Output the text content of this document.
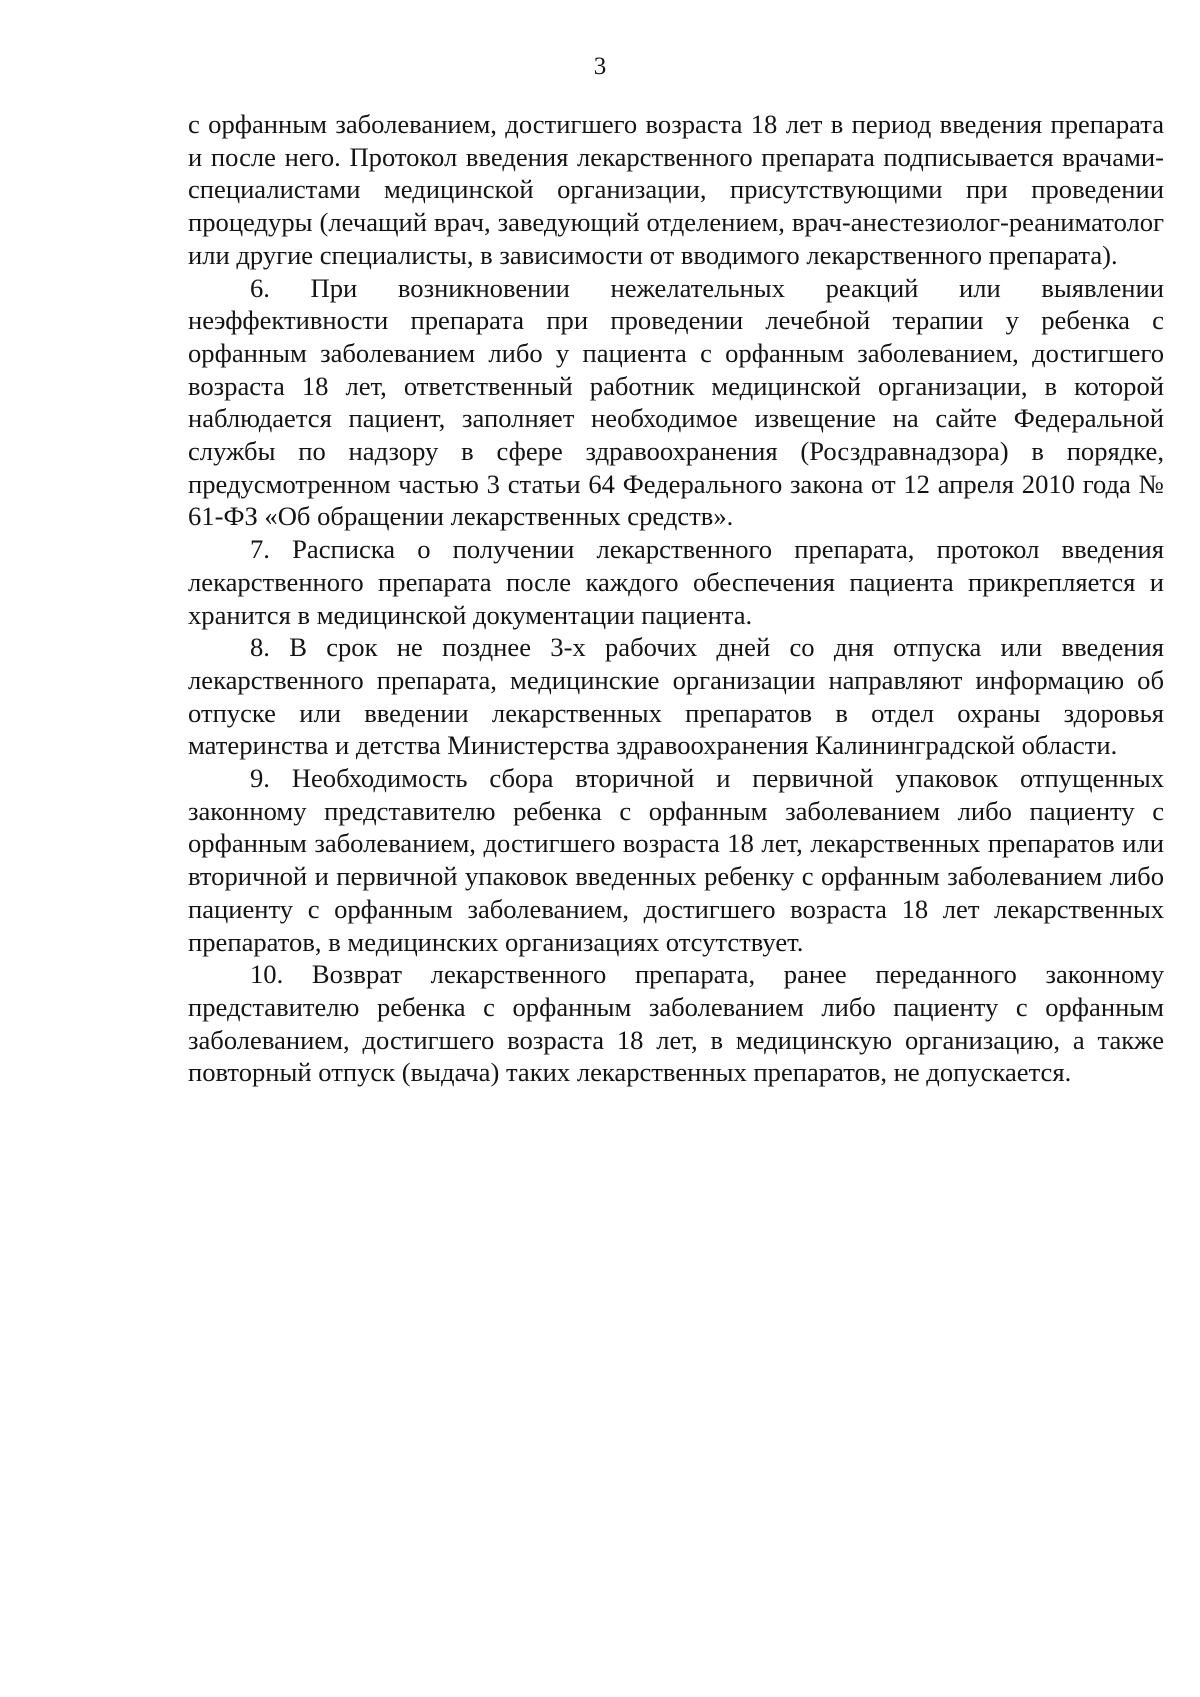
3

с орфанным заболеванием, достигшего возраста 18 лет в период введения препарата и после него. Протокол введения лекарственного препарата подписывается врачами-специалистами медицинской организации, присутствующими при проведении процедуры (лечащий врач, заведующий отделением, врач-анестезиолог-реаниматолог или другие специалисты, в зависимости от вводимого лекарственного препарата).

6. При возникновении нежелательных реакций или выявлении неэффективности препарата при проведении лечебной терапии у ребенка с орфанным заболеванием либо у пациента с орфанным заболеванием, достигшего возраста 18 лет, ответственный работник медицинской организации, в которой наблюдается пациент, заполняет необходимое извещение на сайте Федеральной службы по надзору в сфере здравоохранения (Росздравнадзора) в порядке, предусмотренном частью 3 статьи 64 Федерального закона от 12 апреля 2010 года № 61-ФЗ «Об обращении лекарственных средств».

7. Расписка о получении лекарственного препарата, протокол введения лекарственного препарата после каждого обеспечения пациента прикрепляется и хранится в медицинской документации пациента.

8. В срок не позднее 3-х рабочих дней со дня отпуска или введения лекарственного препарата, медицинские организации направляют информацию об отпуске или введении лекарственных препаратов в отдел охраны здоровья материнства и детства Министерства здравоохранения Калининградской области.

9. Необходимость сбора вторичной и первичной упаковок отпущенных законному представителю ребенка с орфанным заболеванием либо пациенту с орфанным заболеванием, достигшего возраста 18 лет, лекарственных препаратов или вторичной и первичной упаковок введенных ребенку с орфанным заболеванием либо пациенту с орфанным заболеванием, достигшего возраста 18 лет лекарственных препаратов, в медицинских организациях отсутствует.

10. Возврат лекарственного препарата, ранее переданного законному представителю ребенка с орфанным заболеванием либо пациенту с орфанным заболеванием, достигшего возраста 18 лет, в медицинскую организацию, а также повторный отпуск (выдача) таких лекарственных препаратов, не допускается.
